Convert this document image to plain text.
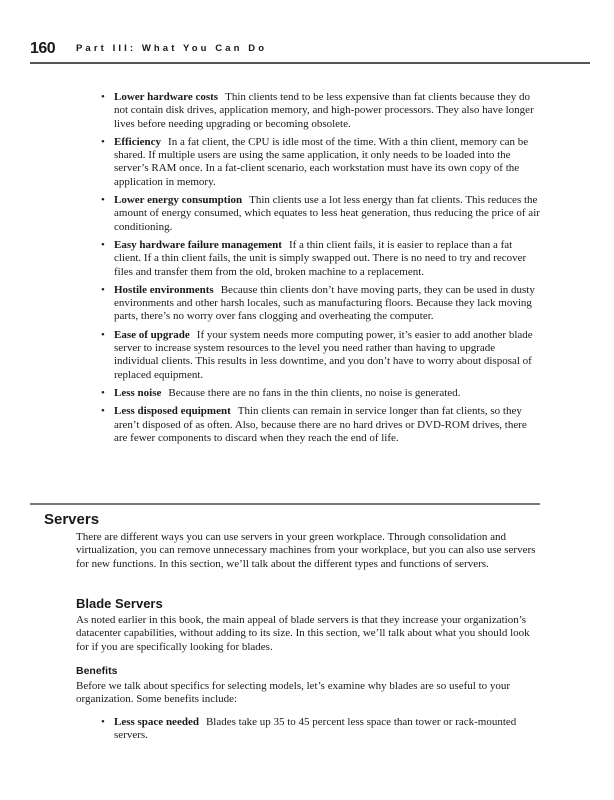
160 Part III: What You Can Do
• Lower hardware costs Thin clients tend to be less expensive than fat clients because they do not contain disk drives, application memory, and high-power processors. They also have longer lives before needing upgrading or becoming obsolete.
• Efficiency In a fat client, the CPU is idle most of the time. With a thin client, memory can be shared. If multiple users are using the same application, it only needs to be loaded into the server’s RAM once. In a fat-client scenario, each workstation must have its own copy of the application in memory.
• Lower energy consumption Thin clients use a lot less energy than fat clients. This reduces the amount of energy consumed, which equates to less heat generation, thus reducing the price of air conditioning.
• Easy hardware failure management If a thin client fails, it is easier to replace than a fat client. If a thin client fails, the unit is simply swapped out. There is no need to try and recover files and transfer them from the old, broken machine to a replacement.
• Hostile environments Because thin clients don’t have moving parts, they can be used in dusty environments and other harsh locales, such as manufacturing floors. Because they lack moving parts, there’s no worry over fans clogging and overheating the computer.
• Ease of upgrade If your system needs more computing power, it’s easier to add another blade server to increase system resources to the level you need rather than having to upgrade individual clients. This results in less downtime, and you don’t have to worry about disposal of replaced equipment.
• Less noise Because there are no fans in the thin clients, no noise is generated.
• Less disposed equipment Thin clients can remain in service longer than fat clients, so they aren’t disposed of as often. Also, because there are no hard drives or DVD-ROM drives, there are fewer components to discard when they reach the end of life.
Servers

There are different ways you can use servers in your green workplace. Through consolidation and virtualization, you can remove unnecessary machines from your workplace, but you can also use servers for new functions. In this section, we’ll talk about the different types and functions of servers.

Blade Servers

As noted earlier in this book, the main appeal of blade servers is that they increase your organization’s datacenter capabilities, without adding to its size. In this section, we’ll talk about what you should look for if you are specifically looking for blades.

Benefits

Before we talk about specifics for selecting models, let’s examine why blades are so useful to your organization. Some benefits include:

• Less space needed Blades take up 35 to 45 percent less space than tower or rack-mounted servers.
